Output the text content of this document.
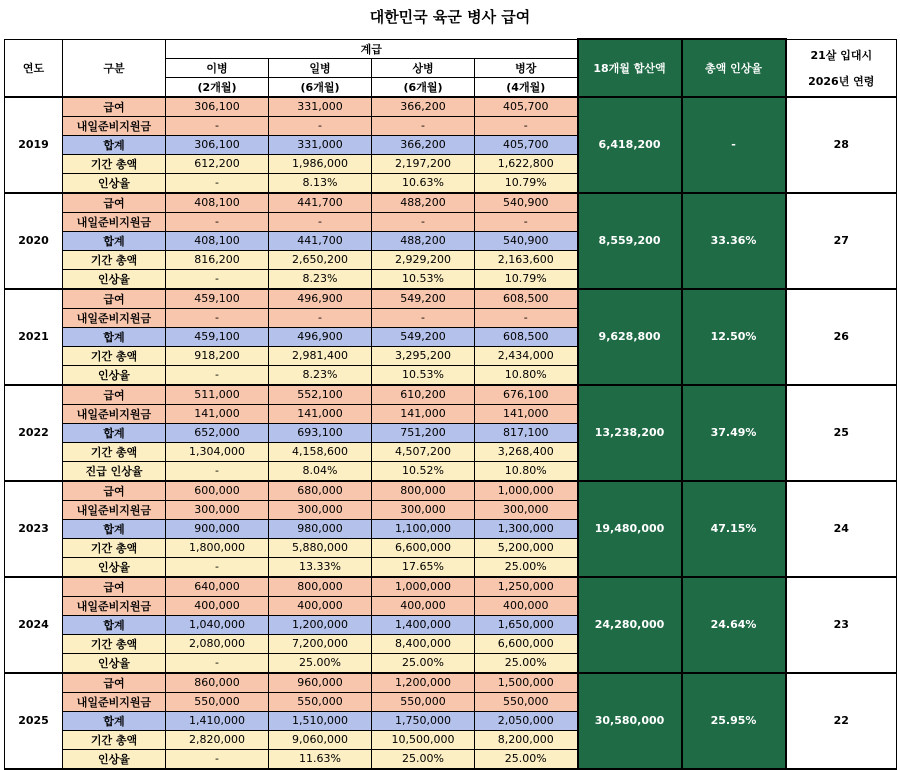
대한민국 육군 병사 급여
연도	구분	계급				18개월 합산액	총액 인상율	21살 입대시
2026년 연령

		이병	일병	상병	병장			
		(2개월)	(6개월)	(6개월)	(4개월)			
2019	급여	306,100	331,000	366,200	405,700	6,418,200	-	28
	내일준비지원금	-	-	-	-			
	합계	306,100	331,000	366,200	405,700			
	기간 총액	612,200	1,986,000	2,197,200	1,622,800			
	인상율	-	8.13%	10.63%	10.79%			
2020	급여	408,100	441,700	488,200	540,900	8,559,200	33.36%	27
	내일준비지원금	-	-	-	-			
	합계	408,100	441,700	488,200	540,900			
	기간 총액	816,200	2,650,200	2,929,200	2,163,600			
	인상율	-	8.23%	10.53%	10.79%			
2021	급여	459,100	496,900	549,200	608,500	9,628,800	12.50%	26
	내일준비지원금	-	-	-	-			
	합계	459,100	496,900	549,200	608,500			
	기간 총액	918,200	2,981,400	3,295,200	2,434,000			
	인상율	-	8.23%	10.53%	10.80%			
2022	급여	511,000	552,100	610,200	676,100	13,238,200	37.49%	25
	내일준비지원금	141,000	141,000	141,000	141,000			
	합계	652,000	693,100	751,200	817,100			
	기간 총액	1,304,000	4,158,600	4,507,200	3,268,400			
	진급 인상율	-	8.04%	10.52%	10.80%			
2023	급여	600,000	680,000	800,000	1,000,000	19,480,000	47.15%	24
	내일준비지원금	300,000	300,000	300,000	300,000			
	합계	900,000	980,000	1,100,000	1,300,000			
	기간 총액	1,800,000	5,880,000	6,600,000	5,200,000			
	인상율	-	13.33%	17.65%	25.00%			
2024	급여	640,000	800,000	1,000,000	1,250,000	24,280,000	24.64%	23
	내일준비지원금	400,000	400,000	400,000	400,000			
	합계	1,040,000	1,200,000	1,400,000	1,650,000			
	기간 총액	2,080,000	7,200,000	8,400,000	6,600,000			
	인상율	-	25.00%	25.00%	25.00%			
2025	급여	860,000	960,000	1,200,000	1,500,000	30,580,000	25.95%	22
	내일준비지원금	550,000	550,000	550,000	550,000			
	합계	1,410,000	1,510,000	1,750,000	2,050,000			
	기간 총액	2,820,000	9,060,000	10,500,000	8,200,000			
	인상율	-	11.63%	25.00%	25.00%			
